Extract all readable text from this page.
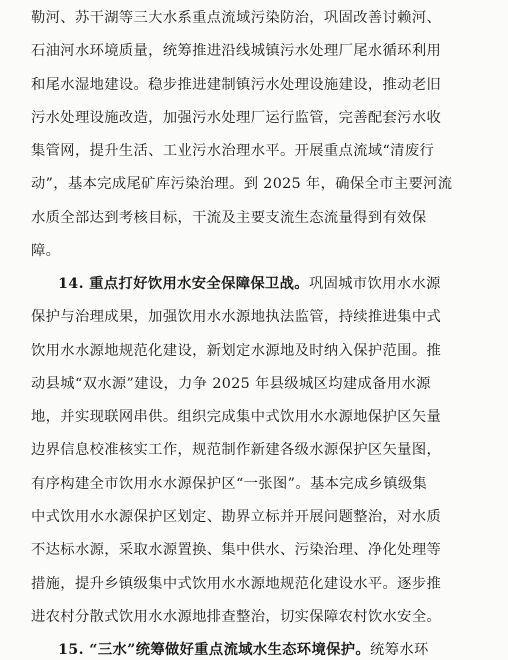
勒河、苏干湖等三大水系重点流域污染防治，巩固改善讨赖河、
石油河水环境质量，统筹推进沿线城镇污水处理厂尾水循环利用
和尾水湿地建设。稳步推进建制镇污水处理设施建设，推动老旧
污水处理设施改造，加强污水处理厂运行监管，完善配套污水收
集管网，提升生活、工业污水治理水平。开展重点流域“清废行
动”，基本完成尾矿库污染治理。到 2025 年，确保全市主要河流
水质全部达到考核目标，干流及主要支流生态流量得到有效保
障。
14. 重点打好饮用水安全保障保卫战。巩固城市饮用水水源
保护与治理成果，加强饮用水水源地执法监管，持续推进集中式
饮用水水源地规范化建设，新划定水源地及时纳入保护范围。推
动县城“双水源”建设，力争 2025 年县级城区均建成备用水源
地，并实现联网串供。组织完成集中式饮用水水源地保护区矢量
边界信息校准核实工作，规范制作新建各级水源保护区矢量图，
有序构建全市饮用水水源保护区“一张图”。基本完成乡镇级集
中式饮用水水源保护区划定、勘界立标并开展问题整治，对水质
不达标水源，采取水源置换、集中供水、污染治理、净化处理等
措施，提升乡镇级集中式饮用水水源地规范化建设水平。逐步推
进农村分散式饮用水水源地排查整治，切实保障农村饮水安全。
15. “三水”统筹做好重点流域水生态环境保护。统筹水环
